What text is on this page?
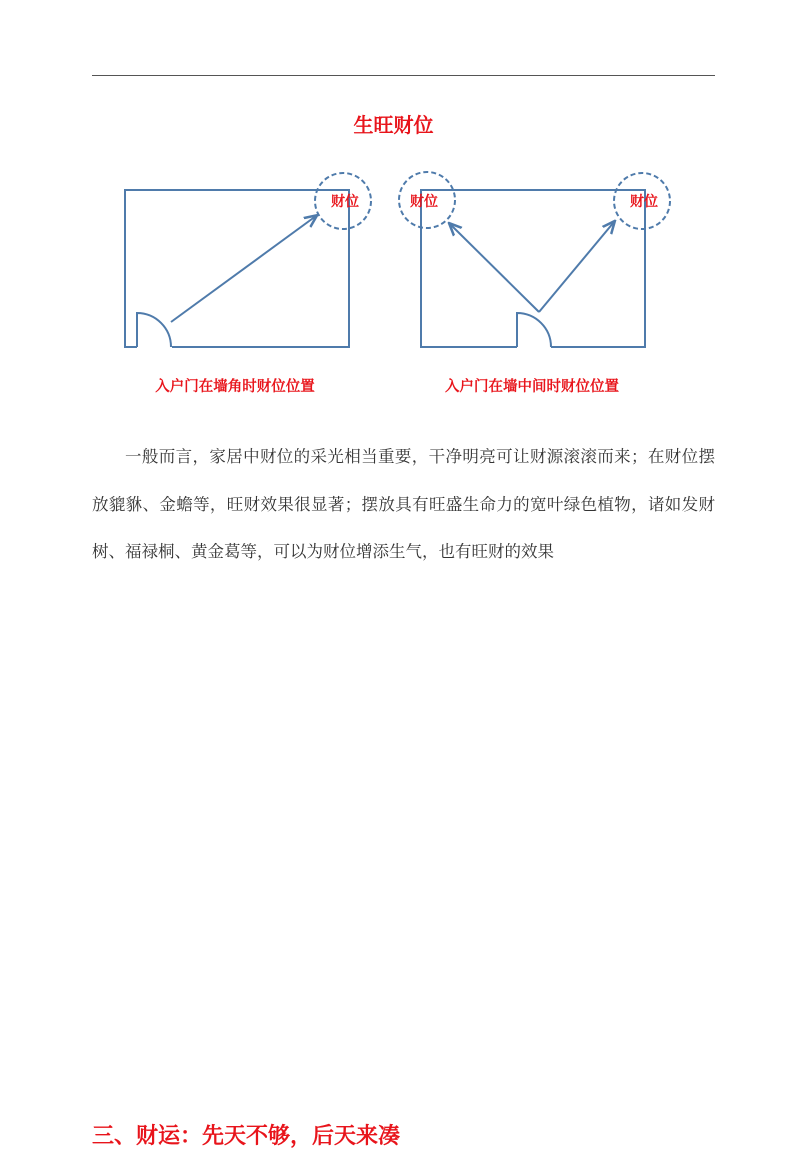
生旺财位
财位
入户门在墙角时财位位置
财位	财位
入户门在墙中间时财位位置
一般而言，家居中财位的采光相当重要，干净明亮可让财源滚滚而来；在财位摆放貔貅、金蟾等，旺财效果很显著；摆放具有旺盛生命力的宽叶绿色植物，诸如发财树、福禄桐、黄金葛等，可以为财位增添生气，也有旺财的效果
三、财运：先天不够，后天来凑
